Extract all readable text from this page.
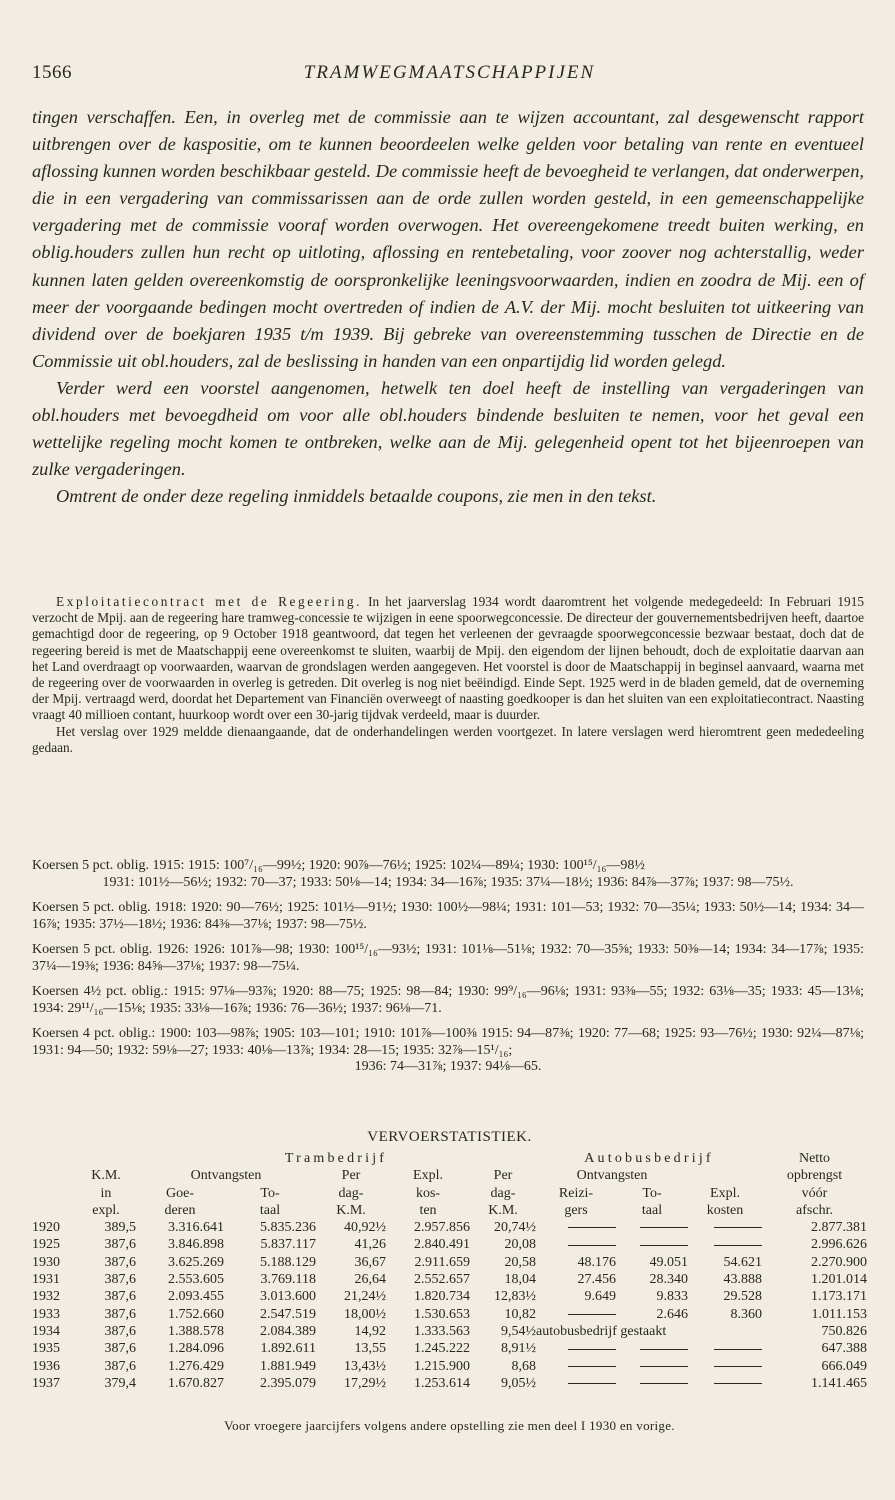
1566	TRAMWEGMAATSCHAPPIJEN

tingen verschaffen. Een, in overleg met de commissie aan te wijzen accountant, zal desgewenscht rapport uitbrengen over de kaspositie, om te kunnen beoordeelen welke gelden voor betaling van rente en eventueel aflossing kunnen worden beschikbaar gesteld. De commissie heeft de bevoegheid te verlangen, dat onderwerpen, die in een vergadering van commissarissen aan de orde zullen worden gesteld, in een gemeenschappelijke vergadering met de commissie vooraf worden overwogen. Het overeengekomene treedt buiten werking, en oblig.houders zullen hun recht op uitloting, aflossing en rentebetaling, voor zoover nog achterstallig, weder kunnen laten gelden overeenkomstig de oorspronkelijke leeningsvoorwaarden, indien en zoodra de Mij. een of meer der voorgaande bedingen mocht overtreden of indien de A.V. der Mij. mocht besluiten tot uitkeering van dividend over de boekjaren 1935 t/m 1939. Bij gebreke van overeenstemming tusschen de Directie en de Commissie uit obl.houders, zal de beslissing in handen van een onpartijdig lid worden gelegd.

Verder werd een voorstel aangenomen, hetwelk ten doel heeft de instelling van vergaderingen van obl.houders met bevoegdheid om voor alle obl.houders bindende besluiten te nemen, voor het geval een wettelijke regeling mocht komen te ontbreken, welke aan de Mij. gelegenheid opent tot het bijeenroepen van zulke vergaderingen.

Omtrent de onder deze regeling inmiddels betaalde coupons, zie men in den tekst.

Exploitatiecontract met de Regeering. In het jaarverslag 1934 wordt daaromtrent het volgende medegedeeld: In Februari 1915 verzocht de Mpij. aan de regeering hare tramweg-concessie te wijzigen in eene spoorwegconcessie. De directeur der gouvernementsbedrijven heeft, daartoe gemachtigd door de regeering, op 9 October 1918 geantwoord, dat tegen het verleenen der gevraagde spoorwegconcessie bezwaar bestaat, doch dat de regeering bereid is met de Maatschappij eene overeenkomst te sluiten, waarbij de Mpij. den eigendom der lijnen behoudt, doch de exploitatie daarvan aan het Land overdraagt op voorwaarden, waarvan de grondslagen werden aangegeven. Het voorstel is door de Maatschappij in beginsel aanvaard, waarna met de regeering over de voorwaarden in overleg is getreden. Dit overleg is nog niet beëindigd. Einde Sept. 1925 werd in de bladen gemeld, dat de overneming der Mpij. vertraagd werd, doordat het Departement van Financiën overweegt of naasting goedkooper is dan het sluiten van een exploitatiecontract. Naasting vraagt 40 millioen contant, huurkoop wordt over een 30-jarig tijdvak verdeeld, maar is duurder.

Het verslag over 1929 meldde dienaangaande, dat de onderhandelingen werden voortgezet. In latere verslagen werd hieromtrent geen mededeeling gedaan.

Koersen 5 pct. oblig. 1915: 1915: 100⁷/₁₆—99½; 1920: 90⅞—76½; 1925: 102¼—89¼; 1930: 100¹⁵/₁₆—98½

1931: 101½—56½; 1932: 70—37; 1933: 50⅛—14; 1934: 34—16⅞; 1935: 37¼—18½; 1936: 84⅞—37⅞; 1937: 98—75½.

Koersen 5 pct. oblig. 1918: 1920: 90—76½; 1925: 101½—91½; 1930: 100½—98¼; 1931: 101—53; 1932: 70—35¼; 1933: 50½—14; 1934: 34—16⅞; 1935: 37½—18½; 1936: 84⅜—37⅛; 1937: 98—75½.

Koersen 5 pct. oblig. 1926: 1926: 101⅞—98; 1930: 100¹⁵/₁₆—93½; 1931: 101⅛—51⅛; 1932: 70—35⅝; 1933: 50⅜—14; 1934: 34—17⅞; 1935: 37¼—19⅜; 1936: 84⅝—37⅛; 1937: 98—75¼.

Koersen 4½ pct. oblig.: 1915: 97⅛—93⅞; 1920: 88—75; 1925: 98—84; 1930: 99⁹/₁₆—96⅛; 1931: 93⅜—55; 1932: 63⅛—35; 1933: 45—13⅛; 1934: 29¹¹/₁₆—15⅛; 1935: 33⅛—16⅞; 1936: 76—36½; 1937: 96⅛—71.

Koersen 4 pct. oblig.: 1900: 103—98⅞; 1905: 103—101; 1910: 101⅞—100⅜ 1915: 94—87⅜; 1920: 77—68; 1925: 93—76½; 1930: 92¼—87⅛; 1931: 94—50; 1932: 59⅛—27; 1933: 40⅛—13⅞; 1934: 28—15; 1935: 32⅞—15¹/₁₆;

1936: 74—31⅞; 1937: 94⅛—65.

VERVOERSTATISTIEK.
		Trambedrijf					Autobusbedrijf			Netto
	K.M.	Ontvangsten		Per	Expl.	Per	Ontvangsten			opbrengst
	in	Goe-	To-	dag-	kos-	dag-	Reizi-	To-	Expl.	vóór
	expl.	deren	taal	K.M.	ten	K.M.	gers	taal	kosten	afschr.
1920	389,5	3.316.641	5.835.236	40,92½	2.957.856	20,74½				2.877.381
1925	387,6	3.846.898	5.837.117	41,26	2.840.491	20,08				2.996.626
1930	387,6	3.625.269	5.188.129	36,67	2.911.659	20,58	48.176	49.051	54.621	2.270.900
1931	387,6	2.553.605	3.769.118	26,64	2.552.657	18,04	27.456	28.340	43.888	1.201.014
1932	387,6	2.093.455	3.013.600	21,24½	1.820.734	12,83½	9.649	9.833	29.528	1.173.171
1933	387,6	1.752.660	2.547.519	18,00½	1.530.653	10,82		2.646	8.360	1.011.153
1934	387,6	1.388.578	2.084.389	14,92	1.333.563	9,54½	autobusbedrijf gestaakt			750.826
1935	387,6	1.284.096	1.892.611	13,55	1.245.222	8,91½				647.388
1936	387,6	1.276.429	1.881.949	13,43½	1.215.900	8,68				666.049
1937	379,4	1.670.827	2.395.079	17,29½	1.253.614	9,05½				1.141.465
Voor vroegere jaarcijfers volgens andere opstelling zie men deel I 1930 en vorige.
